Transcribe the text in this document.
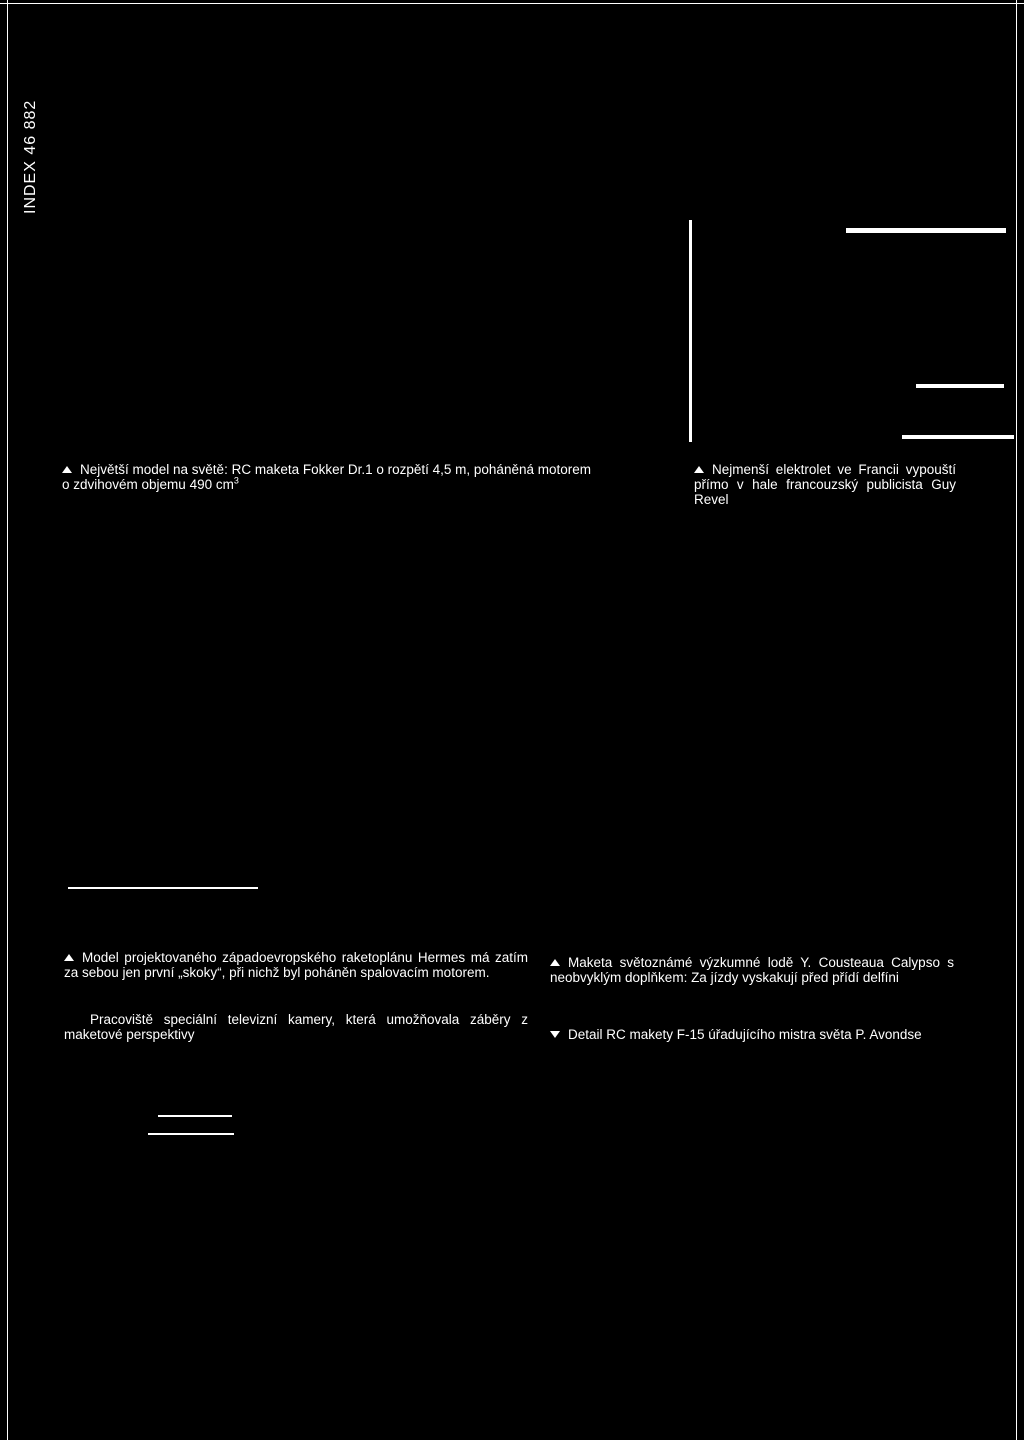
INDEX 46 882

Největší model na světě: RC maketa Fokker Dr.1 o rozpětí 4,5 m, poháněná motorem

o zdvihovém objemu 490 $cm^3$

Nejmenší elektrolet ve Francii vypouští přímo v hale francouzský publicista Guy Revel

Model projektovaného západoevropského raketoplánu Hermes má zatím za sebou jen první „skoky“, při nichž byl poháněn spalovacím motorem.

Pracoviště speciální televizní kamery, která umožňovala záběry z maketové perspektivy

Maketa světoznámé výzkumné lodě Y. Cousteaua Calypso s neobvyklým doplňkem: Za jízdy vyskakují před přídí delfíni

Detail RC makety F-15 úřadujícího mistra světa P. Avondse
